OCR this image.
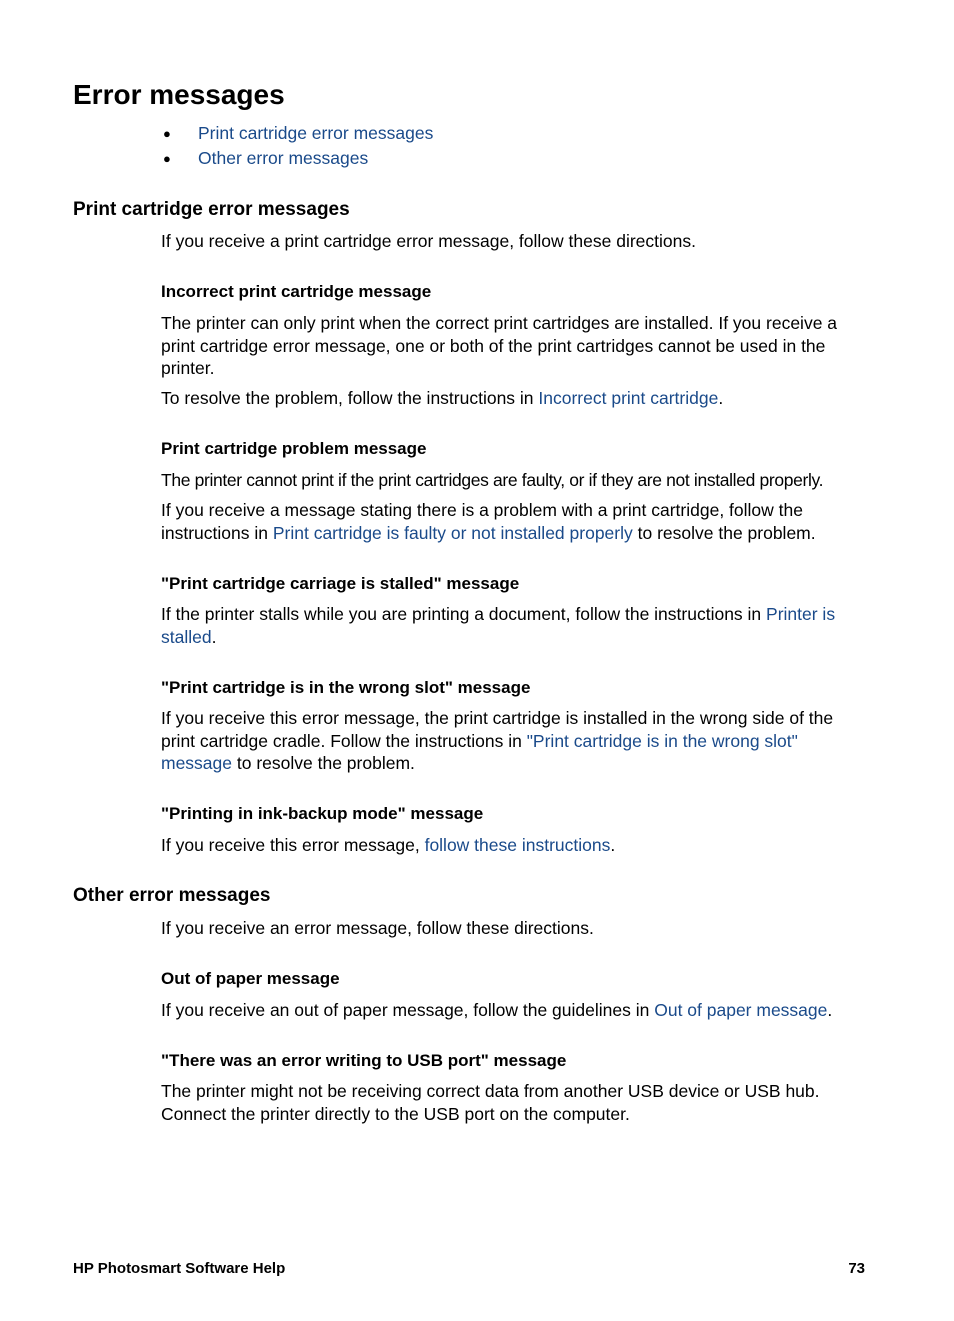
Error messages
● Print cartridge error messages
● Other error messages
Print cartridge error messages

If you receive a print cartridge error message, follow these directions.

Incorrect print cartridge message

The printer can only print when the correct print cartridges are installed. If you receive a print cartridge error message, one or both of the print cartridges cannot be used in the printer.

To resolve the problem, follow the instructions in Incorrect print cartridge.

Print cartridge problem message

The printer cannot print if the print cartridges are faulty, or if they are not installed properly.

If you receive a message stating there is a problem with a print cartridge, follow the instructions in Print cartridge is faulty or not installed properly to resolve the problem.

"Print cartridge carriage is stalled" message

If the printer stalls while you are printing a document, follow the instructions in Printer is stalled.

"Print cartridge is in the wrong slot" message

If you receive this error message, the print cartridge is installed in the wrong side of the print cartridge cradle. Follow the instructions in "Print cartridge is in the wrong slot" message to resolve the problem.

"Printing in ink-backup mode" message

If you receive this error message, follow these instructions.

Other error messages

If you receive an error message, follow these directions.

Out of paper message

If you receive an out of paper message, follow the guidelines in Out of paper message.

"There was an error writing to USB port" message

The printer might not be receiving correct data from another USB device or USB hub. Connect the printer directly to the USB port on the computer.

HP Photosmart Software Help	73
